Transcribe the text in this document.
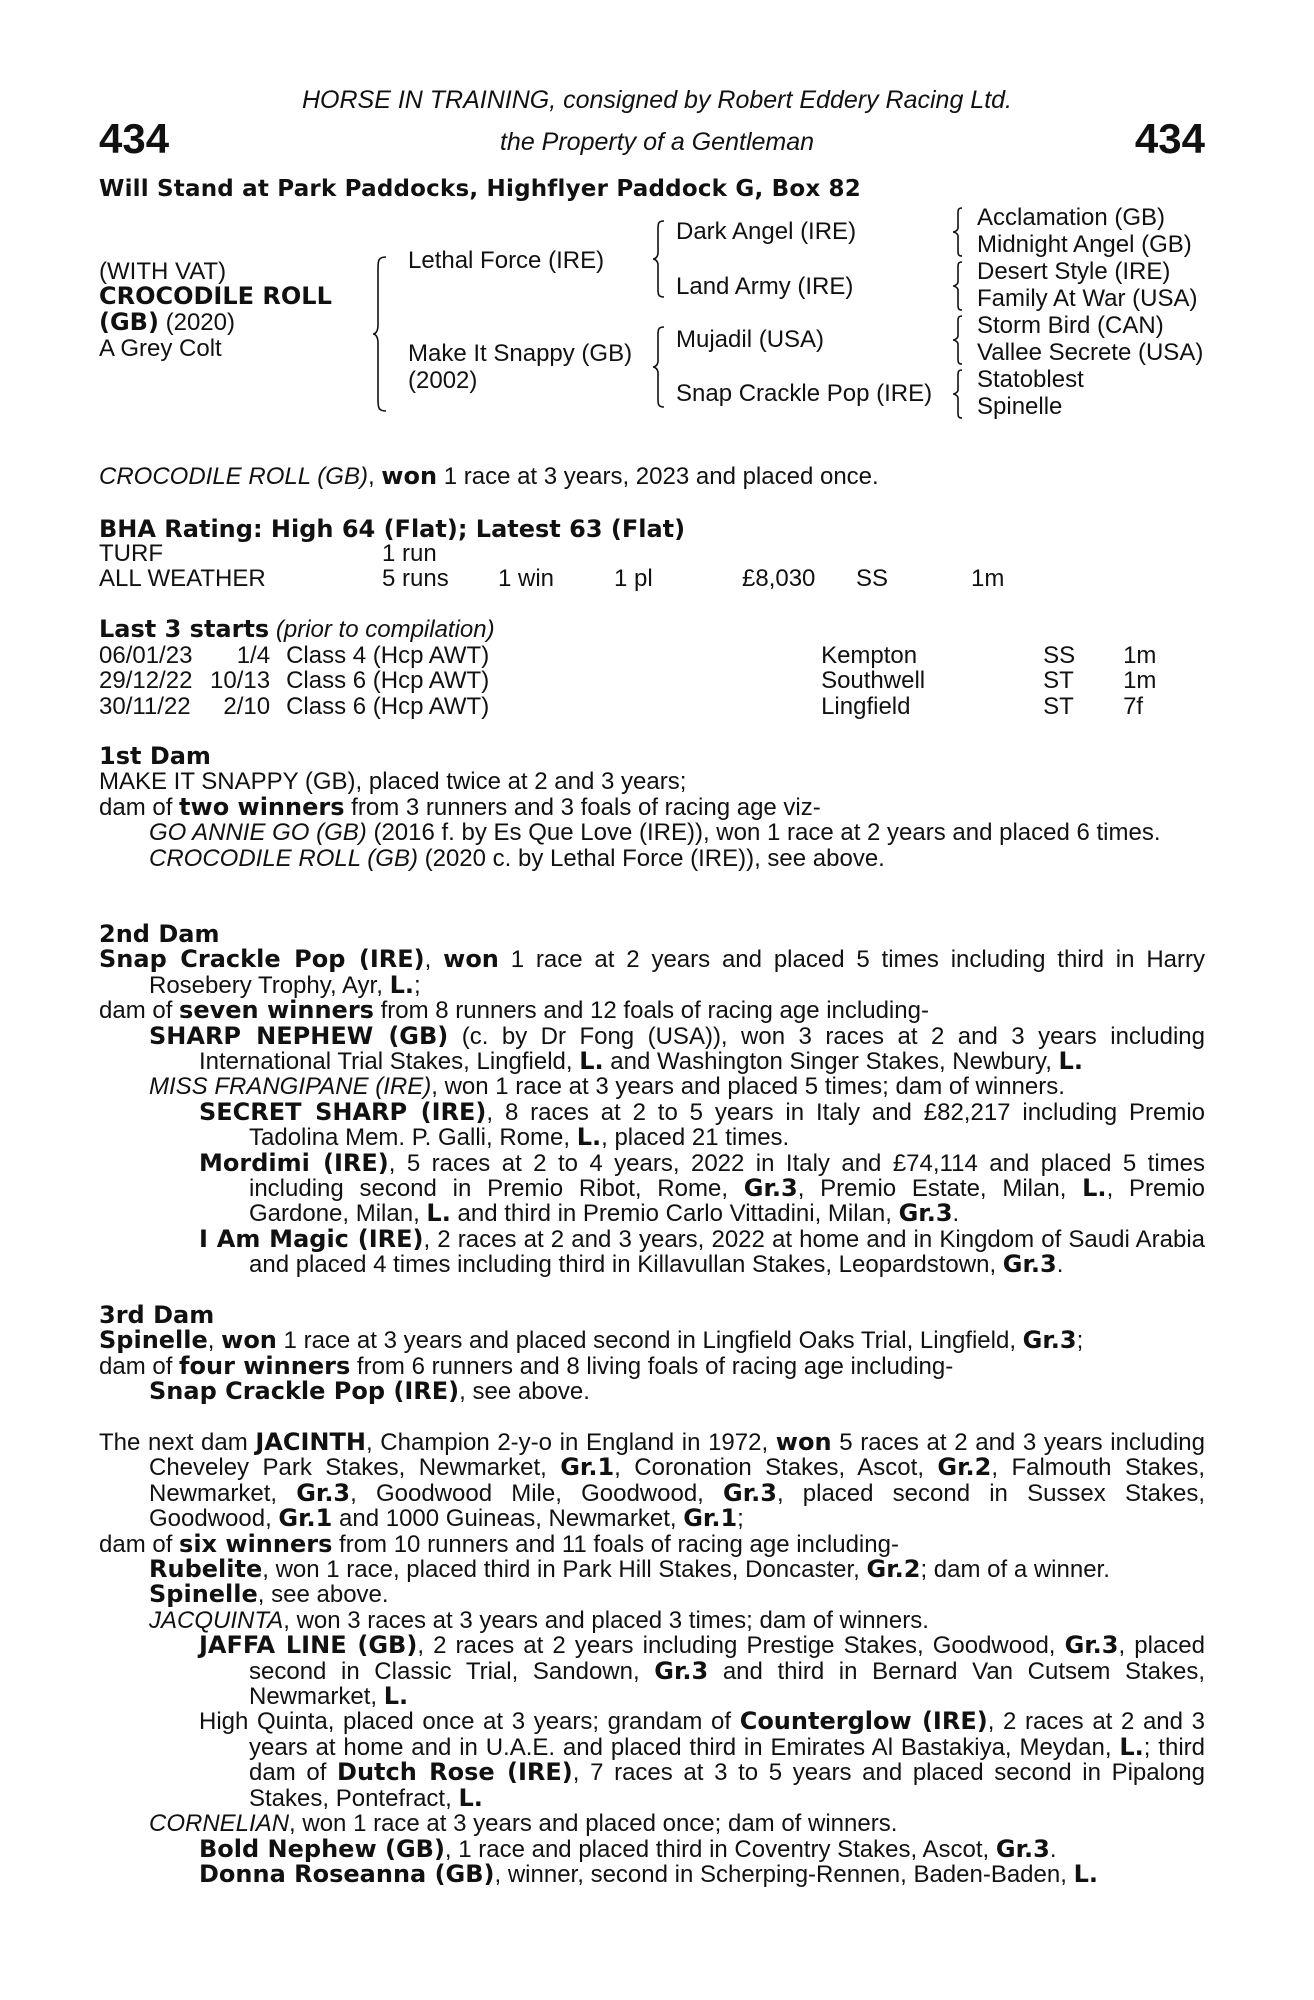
434	434
HORSE IN TRAINING, consigned by Robert Eddery Racing Ltd.
the Property of a Gentleman
Will Stand at Park Paddocks, Highflyer Paddock G, Box 82
(WITH VAT)
CROCODILE ROLL
(GB) (2020)
A Grey Colt
Lethal Force (IRE)
Make It Snappy (GB)
(2002)
Dark Angel (IRE)
Land Army (IRE)
Mujadil (USA)
Snap Crackle Pop (IRE)
Acclamation (GB)
Midnight Angel (GB)
Desert Style (IRE)
Family At War (USA)
Storm Bird (CAN)
Vallee Secrete (USA)
Statoblest
Spinelle
CROCODILE ROLL (GB), won 1 race at 3 years, 2023 and placed once.
BHA Rating: High 64 (Flat); Latest 63 (Flat)
TURF	1 run					
ALL WEATHER	5 runs	1 win	1 pl	£8,030	SS	1m
Last 3 starts (prior to compilation)
06/01/23	1/4	Class 4 (Hcp AWT)	Kempton	SS	1m
29/12/22	10/13	Class 6 (Hcp AWT)	Southwell	ST	1m
30/11/22	2/10	Class 6 (Hcp AWT)	Lingfield	ST	7f
1st Dam
MAKE IT SNAPPY (GB), placed twice at 2 and 3 years;
dam of two winners from 3 runners and 3 foals of racing age viz-
GO ANNIE GO (GB) (2016 f. by Es Que Love (IRE)), won 1 race at 2 years and placed 6 times.
CROCODILE ROLL (GB) (2020 c. by Lethal Force (IRE)), see above.
2nd Dam
Snap Crackle Pop (IRE), won 1 race at 2 years and placed 5 times including third in Harry Rosebery Trophy, Ayr, L.;
dam of seven winners from 8 runners and 12 foals of racing age including-
SHARP NEPHEW (GB) (c. by Dr Fong (USA)), won 3 races at 2 and 3 years including International Trial Stakes, Lingfield, L. and Washington Singer Stakes, Newbury, L.
MISS FRANGIPANE (IRE), won 1 race at 3 years and placed 5 times; dam of winners.
SECRET SHARP (IRE), 8 races at 2 to 5 years in Italy and £82,217 including Premio Tadolina Mem. P. Galli, Rome, L., placed 21 times.
Mordimi (IRE), 5 races at 2 to 4 years, 2022 in Italy and £74,114 and placed 5 times including second in Premio Ribot, Rome, Gr.3, Premio Estate, Milan, L., Premio Gardone, Milan, L. and third in Premio Carlo Vittadini, Milan, Gr.3.
I Am Magic (IRE), 2 races at 2 and 3 years, 2022 at home and in Kingdom of Saudi Arabia and placed 4 times including third in Killavullan Stakes, Leopardstown, Gr.3.
3rd Dam
Spinelle, won 1 race at 3 years and placed second in Lingfield Oaks Trial, Lingfield, Gr.3;
dam of four winners from 6 runners and 8 living foals of racing age including-
Snap Crackle Pop (IRE), see above.
The next dam JACINTH, Champion 2-y-o in England in 1972, won 5 races at 2 and 3 years including Cheveley Park Stakes, Newmarket, Gr.1, Coronation Stakes, Ascot, Gr.2, Falmouth Stakes, Newmarket, Gr.3, Goodwood Mile, Goodwood, Gr.3, placed second in Sussex Stakes, Goodwood, Gr.1 and 1000 Guineas, Newmarket, Gr.1;
dam of six winners from 10 runners and 11 foals of racing age including-
Rubelite, won 1 race, placed third in Park Hill Stakes, Doncaster, Gr.2; dam of a winner.
Spinelle, see above.
JACQUINTA, won 3 races at 3 years and placed 3 times; dam of winners.
JAFFA LINE (GB), 2 races at 2 years including Prestige Stakes, Goodwood, Gr.3, placed second in Classic Trial, Sandown, Gr.3 and third in Bernard Van Cutsem Stakes, Newmarket, L.
High Quinta, placed once at 3 years; grandam of Counterglow (IRE), 2 races at 2 and 3 years at home and in U.A.E. and placed third in Emirates Al Bastakiya, Meydan, L.; third dam of Dutch Rose (IRE), 7 races at 3 to 5 years and placed second in Pipalong Stakes, Pontefract, L.
CORNELIAN, won 1 race at 3 years and placed once; dam of winners.
Bold Nephew (GB), 1 race and placed third in Coventry Stakes, Ascot, Gr.3.
Donna Roseanna (GB), winner, second in Scherping-Rennen, Baden-Baden, L.
